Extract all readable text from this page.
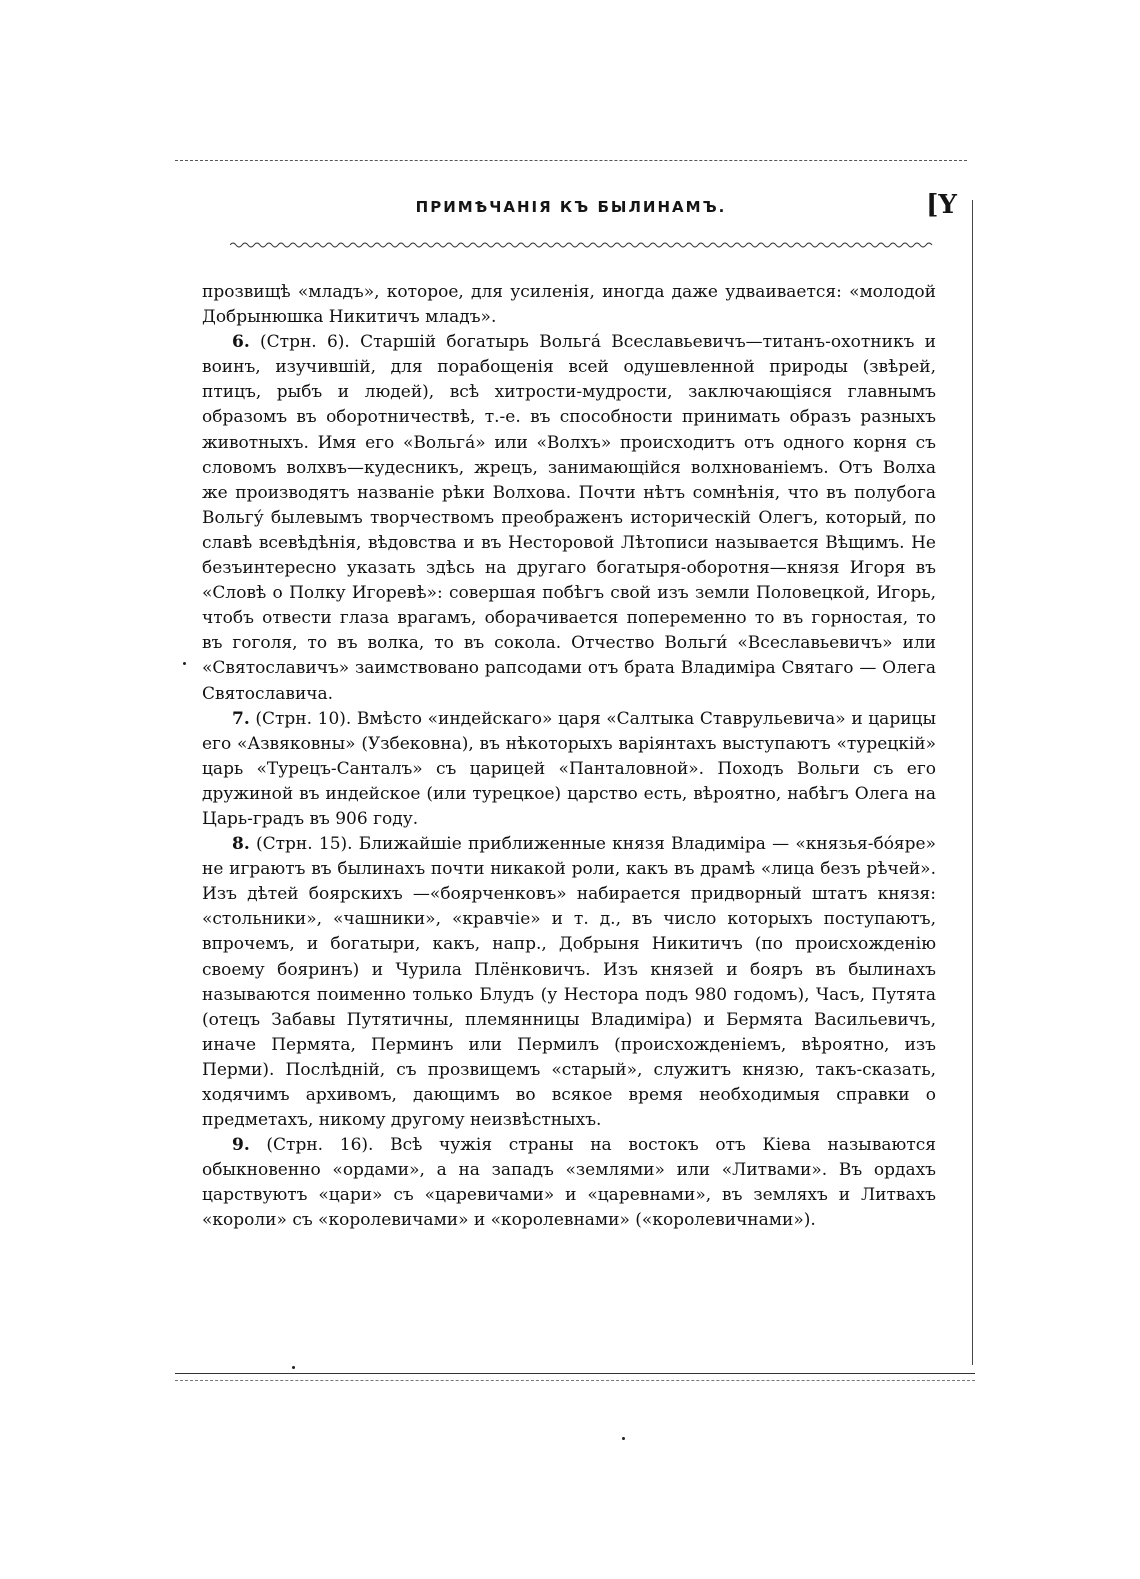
ПРИМѢЧАНІЯ КЪ БЫЛИНАМЪ.	[Y

прозвищѣ «младъ», которое, для усиленія, иногда даже удваивается: «молодой Добрынюшка Никитичъ младъ».

6. (Стрн. 6). Старшій богатырь Вольга́ Всеславьевичъ—титанъ-охотникъ и воинъ, изучившій, для порабощенія всей одушевленной природы (звѣрей, птицъ, рыбъ и людей), всѣ хитрости-мудрости, заключающіяся главнымъ образомъ въ оборотничествѣ, т.-е. въ способности принимать образъ разныхъ животныхъ. Имя его «Вольга́» или «Волхъ» происходитъ отъ одного корня съ словомъ волхвъ—кудесникъ, жрецъ, занимающійся волхнованіемъ. Отъ Волха же производятъ названіе рѣки Волхова. Почти нѣтъ сомнѣнія, что въ полубога Вольгу́ былевымъ творчествомъ преображенъ историческій Олегъ, который, по славѣ всевѣдѣнія, вѣдовства и въ Несторовой Лѣтописи называется Вѣщимъ. Не безъинтересно указать здѣсь на другаго богатыря-оборотня—князя Игоря въ «Словѣ о Полку Игоревѣ»: совершая побѣгъ свой изъ земли Половецкой, Игорь, чтобъ отвести глаза врагамъ, оборачивается попеременно то въ горностая, то въ гоголя, то въ волка, то въ сокола. Отчество Вольги́ «Всеславьевичъ» или «Святославичъ» заимствовано рапсодами отъ брата Владиміра Святаго — Олега Святославича.

7. (Стрн. 10). Вмѣсто «индейскаго» царя «Салтыка Ставрульевича» и царицы его «Азвяковны» (Узбековна), въ нѣкоторыхъ варіянтахъ выступаютъ «турецкій» царь «Турецъ-Санталъ» съ царицей «Панталовной». Походъ Вольги съ его дружиной въ индейское (или турецкое) царство есть, вѣроятно, набѣгъ Олега на Царь-градъ въ 906 году.

8. (Стрн. 15). Ближайшіе приближенные князя Владиміра — «князья-бо́яре» не играютъ въ былинахъ почти никакой роли, какъ въ драмѣ «лица безъ рѣчей». Изъ дѣтей боярскихъ —«боярченковъ» набирается придворный штатъ князя: «стольники», «чашники», «кравчіе» и т. д., въ число которыхъ поступаютъ, впрочемъ, и богатыри, какъ, напр., Добрыня Никитичъ (по происхожденію своему бояринъ) и Чурила Плёнковичъ. Изъ князей и бояръ въ былинахъ называются поименно только Блудъ (у Нестора подъ 980 годомъ), Часъ, Путята (отецъ Забавы Путятичны, племянницы Владиміра) и Бермята Васильевичъ, иначе Пермята, Перминъ или Пермилъ (происхожденіемъ, вѣроятно, изъ Перми). Послѣдній, съ прозвищемъ «старый», служитъ князю, такъ-сказать, ходячимъ архивомъ, дающимъ во всякое время необходимыя справки о предметахъ, никому другому неизвѣстныхъ.

9. (Стрн. 16). Всѣ чужія страны на востокъ отъ Кіева называются обыкновенно «ордами», а на западъ «землями» или «Литвами». Въ ордахъ царствуютъ «цари» съ «царевичами» и «царевнами», въ земляхъ и Литвахъ «короли» съ «королевичами» и «королевнами» («королевичнами»).
